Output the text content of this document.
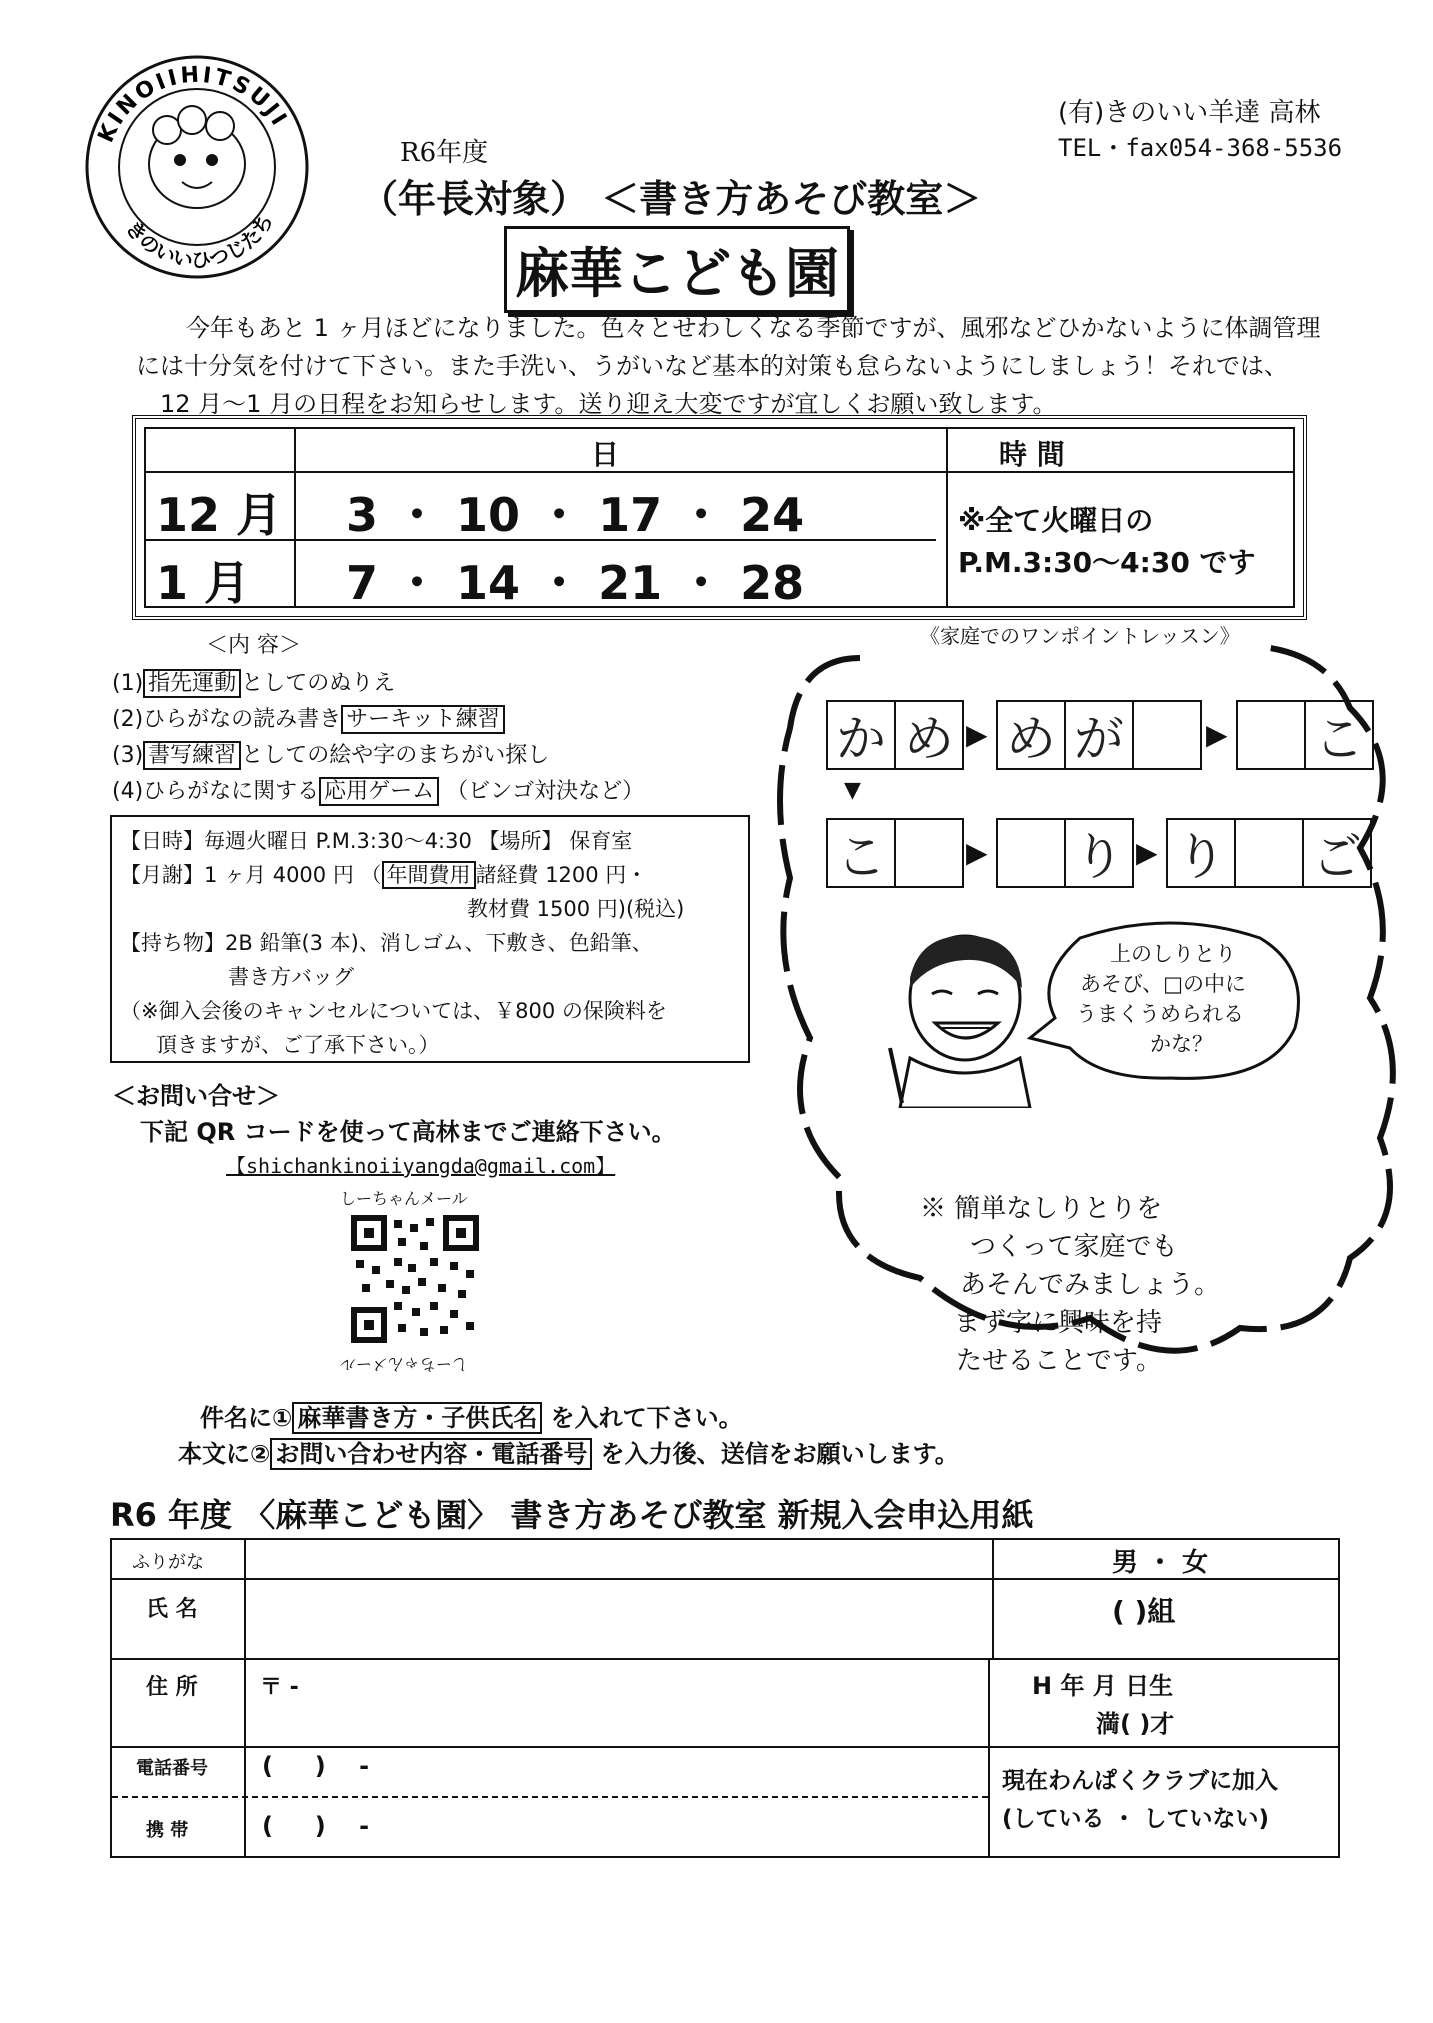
KINOIIHITSUJI
きのいいひつじたち
(有)きのいい羊達 高林
TEL・fax054-368-5536
R6年度
（年長対象） ＜書き方あそび教室＞
麻華こども園
今年もあと 1 ヶ月ほどになりました。色々とせわしくなる季節ですが、風邪などひかないように体調管理
には十分気を付けて下さい。また手洗い、うがいなど基本的対策も怠らないようにしましょう！それでは、
12 月〜1 月の日程をお知らせします。送り迎え大変ですが宜しくお願い致します。
日	時 間
12 月 3 ・ 10 ・ 17 ・ 24
1 月 7 ・ 14 ・ 21 ・ 28
※全て火曜日の
P.M.3:30〜4:30 です
＜内 容＞
(1) 指先運動 としてのぬりえ
(2)ひらがなの読み書き サーキット練習
(3) 書写練習 としての絵や字のまちがい探し
(4)ひらがなに関する 応用ゲーム （ビンゴ対決など）
【日時】毎週火曜日 P.M.3:30〜4:30 【場所】 保育室
【月謝】1 ヶ月 4000 円 （ 年間費用 諸経費 1200 円・
教材費 1500 円)(税込)
【持ち物】2B 鉛筆(3 本)、消しゴム、下敷き、色鉛筆、
書き方バッグ
（※御入会後のキャンセルについては、￥800 の保険料を
頂きますが、ご了承下さい。）
＜お問い合せ＞
下記 QR コードを使って高林までご連絡下さい。
【shichankinoiiyangda@gmail.com】
しーちゃんメール
しーちゃんメール
件名に① 麻華書き方・子供氏名 を入れて下さい。
本文に② お問い合わせ内容・電話番号 を入力後、送信をお願いします。
《家庭でのワンポイントレッスン》
か め ▶ め が	▶ こ
▼
こ	▶ り ▶ り ご
上のしりとり
あそび、□の中に
うまくうめられる
かな？
※ 簡単なしりとりを
つくって家庭でも
あそんでみましょう。
まず字に興味を持
たせることです。
R6 年度 〈麻華こども園〉 書き方あそび教室 新規入会申込用紙
ふりがな	男 ・ 女
氏 名	( )組
住 所	〒 -	H 年 月 日生
満( )才
電話番号 (     )    -
携 帯	(     )    -
現在わんぱくクラブに加入
(している ・ していない)
